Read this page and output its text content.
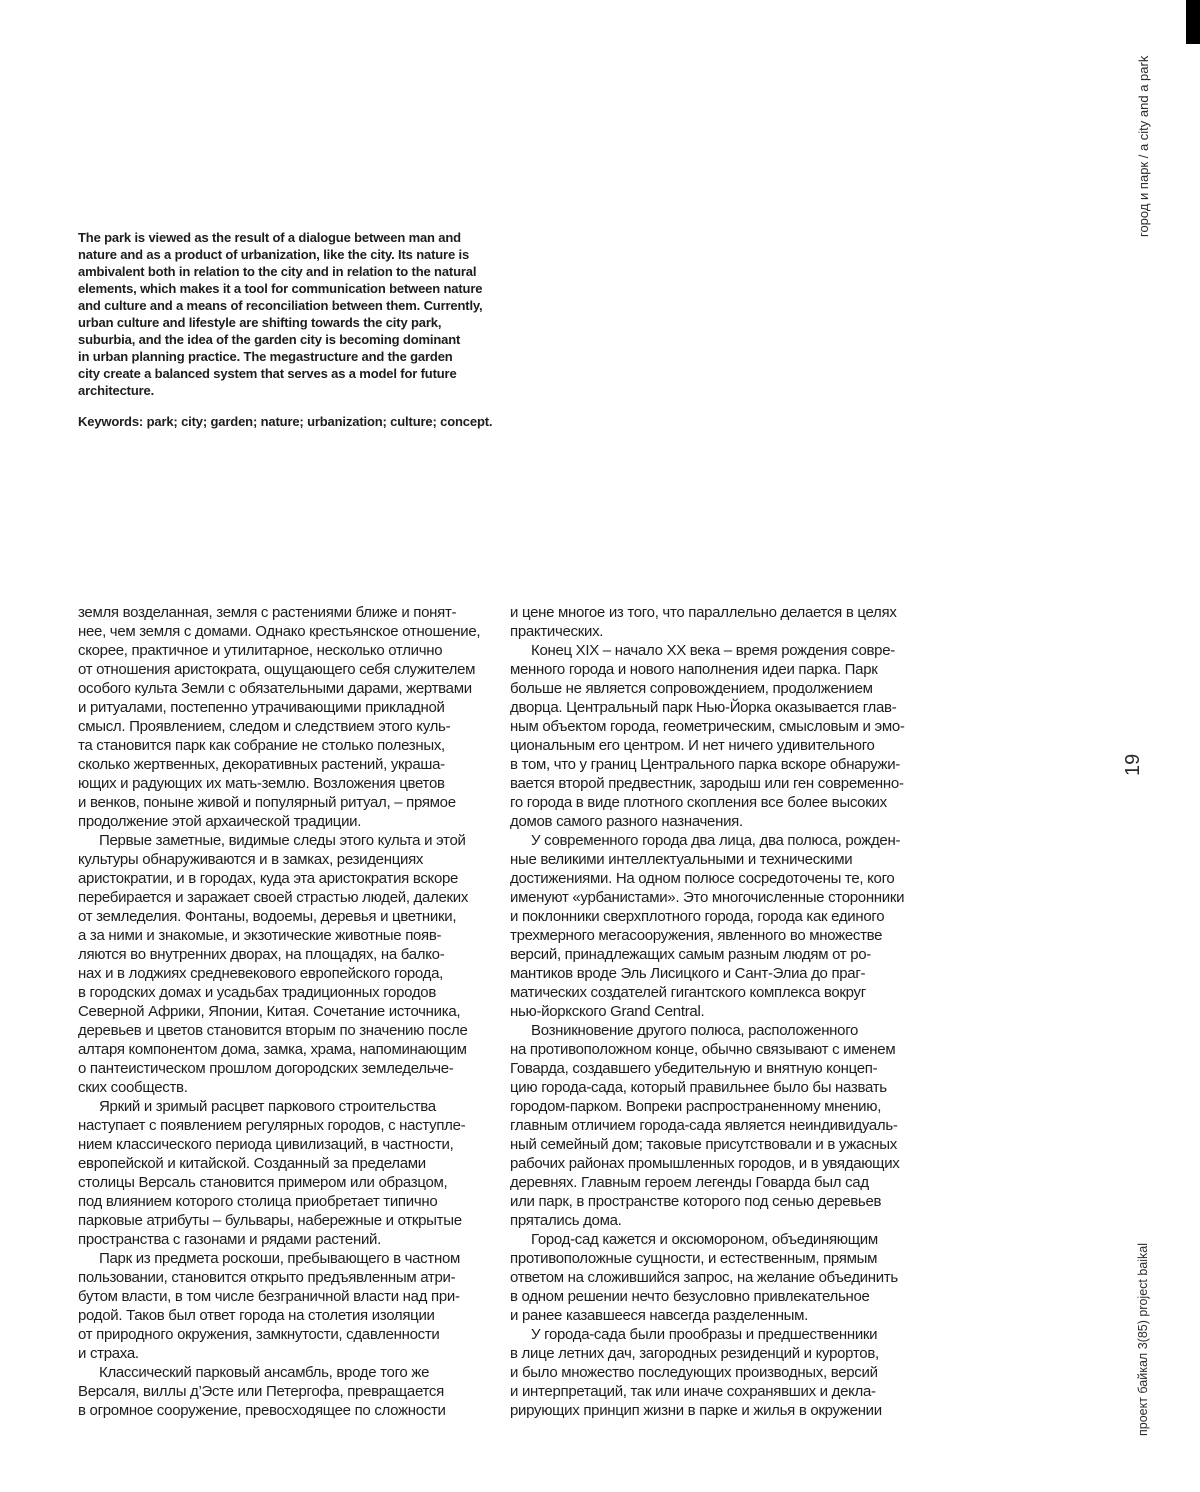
город и парк / a city and a park
19
проект байкал 3(85) project baikal

The park is viewed as the result of a dialogue between man and
nature and as a product of urbanization, like the city. Its nature is
ambivalent both in relation to the city and in relation to the natural
elements, which makes it a tool for communication between nature
and culture and a means of reconciliation between them. Currently,
urban culture and lifestyle are shifting towards the city park,
suburbia, and the idea of the garden city is becoming dominant
in urban planning practice. The megastructure and the garden
city create a balanced system that serves as a model for future
architecture.

Keywords: park; city; garden; nature; urbanization; culture; concept.

земля возделанная, земля с растениями ближе и понят-
нее, чем земля с домами. Однако крестьянское отношение,
скорее, практичное и утилитарное, несколько отлично
от отношения аристократа, ощущающего себя служителем
особого культа Земли с обязательными дарами, жертвами
и ритуалами, постепенно утрачивающими прикладной
смысл. Проявлением, следом и следствием этого куль-
та становится парк как собрание не столько полезных,
сколько жертвенных, декоративных растений, украша-
ющих и радующих их мать-землю. Возложения цветов
и венков, поныне живой и популярный ритуал, – прямое
продолжение этой архаической традиции.

Первые заметные, видимые следы этого культа и этой
культуры обнаруживаются и в замках, резиденциях
аристократии, и в городах, куда эта аристократия вскоре
перебирается и заражает своей страстью людей, далеких
от земледелия. Фонтаны, водоемы, деревья и цветники,
а за ними и знакомые, и экзотические животные появ-
ляются во внутренних дворах, на площадях, на балко-
нах и в лоджиях средневекового европейского города,
в городских домах и усадьбах традиционных городов
Северной Африки, Японии, Китая. Сочетание источника,
деревьев и цветов становится вторым по значению после
алтаря компонентом дома, замка, храма, напоминающим
о пантеистическом прошлом догородских земледельче-
ских сообществ.

Яркий и зримый расцвет паркового строительства
наступает с появлением регулярных городов, с наступле-
нием классического периода цивилизаций, в частности,
европейской и китайской. Созданный за пределами
столицы Версаль становится примером или образцом,
под влиянием которого столица приобретает типично
парковые атрибуты – бульвары, набережные и открытые
пространства с газонами и рядами растений.

Парк из предмета роскоши, пребывающего в частном
пользовании, становится открыто предъявленным атри-
бутом власти, в том числе безграничной власти над при-
родой. Таков был ответ города на столетия изоляции
от природного окружения, замкнутости, сдавленности
и страха.

Классический парковый ансамбль, вроде того же
Версаля, виллы д’Эсте или Петергофа, превращается
в огромное сооружение, превосходящее по сложности

и цене многое из того, что параллельно делается в целях
практических.

Конец XIX – начало XX века – время рождения совре-
менного города и нового наполнения идеи парка. Парк
больше не является сопровождением, продолжением
дворца. Центральный парк Нью-Йорка оказывается глав-
ным объектом города, геометрическим, смысловым и эмо-
циональным его центром. И нет ничего удивительного
в том, что у границ Центрального парка вскоре обнаружи-
вается второй предвестник, зародыш или ген современно-
го города в виде плотного скопления все более высоких
домов самого разного назначения.

У современного города два лица, два полюса, рожден-
ные великими интеллектуальными и техническими
достижениями. На одном полюсе сосредоточены те, кого
именуют «урбанистами». Это многочисленные сторонники
и поклонники сверхплотного города, города как единого
трехмерного мегасооружения, явленного во множестве
версий, принадлежащих самым разным людям от ро-
мантиков вроде Эль Лисицкого и Сант-Элиа до праг-
матических создателей гигантского комплекса вокруг
нью-йоркского Grand Central.

Возникновение другого полюса, расположенного
на противоположном конце, обычно связывают с именем
Говарда, создавшего убедительную и внятную концеп-
цию города-сада, который правильнее было бы назвать
городом-парком. Вопреки распространенному мнению,
главным отличием города-сада является неиндивидуаль-
ный семейный дом; таковые присутствовали и в ужасных
рабочих районах промышленных городов, и в увядающих
деревнях. Главным героем легенды Говарда был сад
или парк, в пространстве которого под сенью деревьев
прятались дома.

Город-сад кажется и оксюмороном, объединяющим
противоположные сущности, и естественным, прямым
ответом на сложившийся запрос, на желание объединить
в одном решении нечто безусловно привлекательное
и ранее казавшееся навсегда разделенным.

У города-сада были прообразы и предшественники
в лице летних дач, загородных резиденций и курортов,
и было множество последующих производных, версий
и интерпретаций, так или иначе сохранявших и декла-
рирующих принцип жизни в парке и жилья в окружении
